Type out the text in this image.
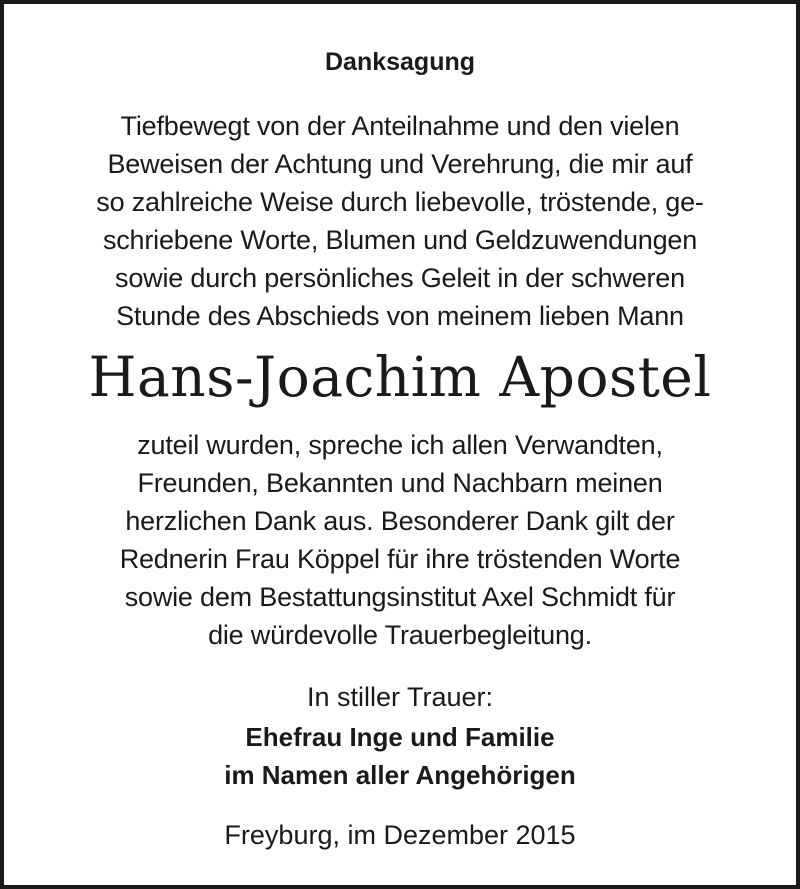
Danksagung
Tiefbewegt von der Anteilnahme und den vielen
Beweisen der Achtung und Verehrung, die mir auf
so zahlreiche Weise durch liebevolle, tröstende, ge-
schriebene Worte, Blumen und Geldzuwendungen
sowie durch persönliches Geleit in der schweren
Stunde des Abschieds von meinem lieben Mann
Hans-Joachim Apostel
zuteil wurden, spreche ich allen Verwandten,
Freunden, Bekannten und Nachbarn meinen
herzlichen Dank aus. Besonderer Dank gilt der
Rednerin Frau Köppel für ihre tröstenden Worte
sowie dem Bestattungsinstitut Axel Schmidt für
die würdevolle Trauerbegleitung.
In stiller Trauer:
Ehefrau Inge und Familie
im Namen aller Angehörigen
Freyburg, im Dezember 2015
